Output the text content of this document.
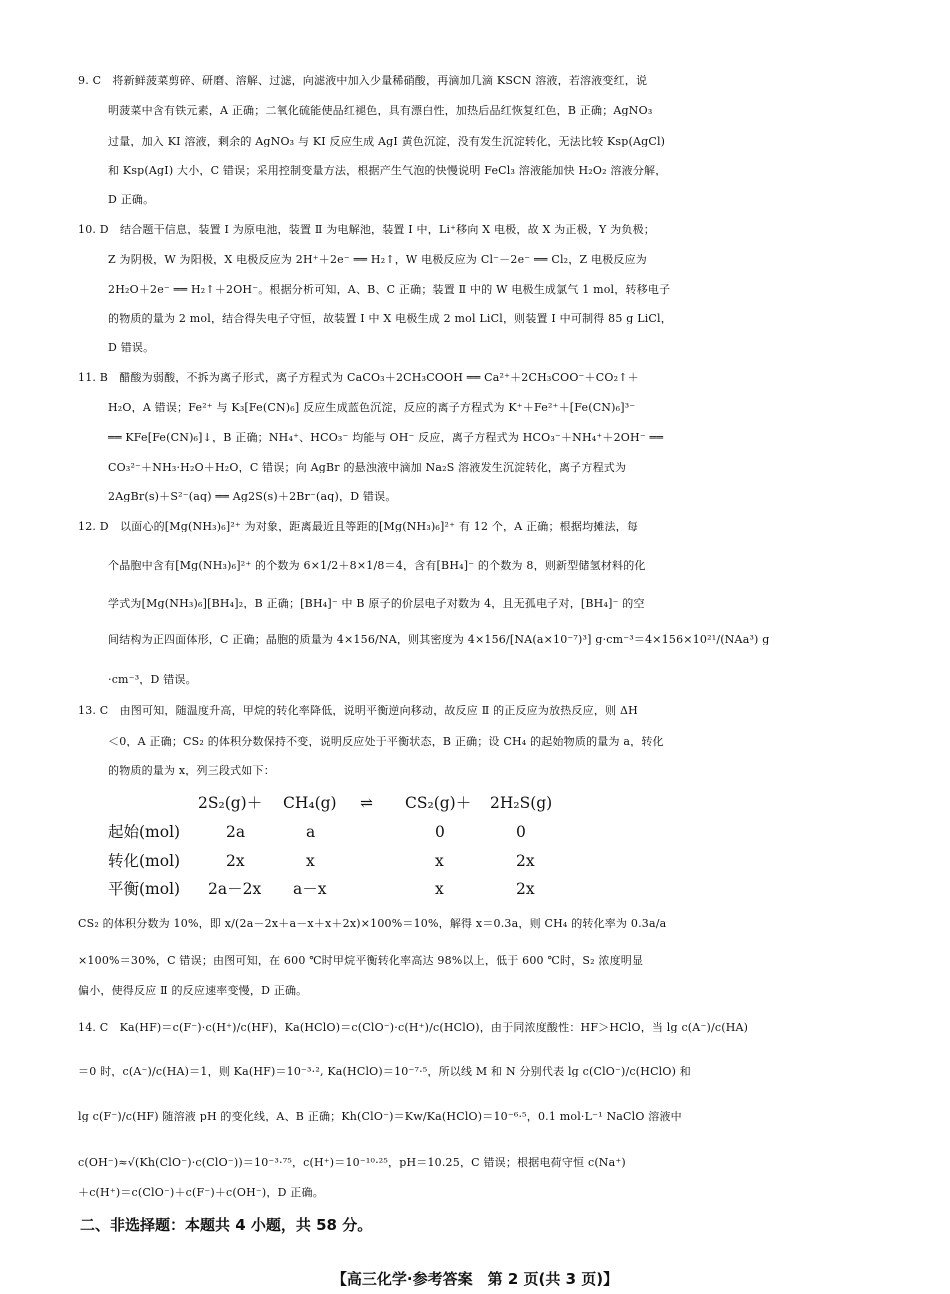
9. C　将新鲜菠菜剪碎、研磨、溶解、过滤，向滤液中加入少量稀硝酸，再滴加几滴 KSCN 溶液，若溶液变红，说
明菠菜中含有铁元素，A 正确；二氧化硫能使品红褪色，具有漂白性，加热后品红恢复红色，B 正确；AgNO₃
过量，加入 KI 溶液，剩余的 AgNO₃ 与 KI 反应生成 AgI 黄色沉淀，没有发生沉淀转化，无法比较 Ksp(AgCl)
和 Ksp(AgI) 大小，C 错误；采用控制变量方法，根据产生气泡的快慢说明 FeCl₃ 溶液能加快 H₂O₂ 溶液分解，
D 正确。
10. D　结合题干信息，装置 Ⅰ 为原电池，装置 Ⅱ 为电解池，装置 Ⅰ 中，Li⁺移向 X 电极，故 X 为正极，Y 为负极；
Z 为阴极，W 为阳极，X 电极反应为 2H⁺＋2e⁻ ══ H₂↑，W 电极反应为 Cl⁻－2e⁻ ══ Cl₂，Z 电极反应为
2H₂O＋2e⁻ ══ H₂↑＋2OH⁻。根据分析可知，A、B、C 正确；装置 Ⅱ 中的 W 电极生成氯气 1 mol，转移电子
的物质的量为 2 mol，结合得失电子守恒，故装置 Ⅰ 中 X 电极生成 2 mol LiCl，则装置 Ⅰ 中可制得 85 g LiCl，
D 错误。
11. B　醋酸为弱酸，不拆为离子形式，离子方程式为 CaCO₃＋2CH₃COOH ══ Ca²⁺＋2CH₃COO⁻＋CO₂↑＋
H₂O，A 错误；Fe²⁺ 与 K₃[Fe(CN)₆] 反应生成蓝色沉淀，反应的离子方程式为 K⁺＋Fe²⁺＋[Fe(CN)₆]³⁻
══ KFe[Fe(CN)₆]↓，B 正确；NH₄⁺、HCO₃⁻ 均能与 OH⁻ 反应，离子方程式为 HCO₃⁻＋NH₄⁺＋2OH⁻ ══
CO₃²⁻＋NH₃·H₂O＋H₂O，C 错误；向 AgBr 的悬浊液中滴加 Na₂S 溶液发生沉淀转化，离子方程式为
2AgBr(s)＋S²⁻(aq) ══ Ag2S(s)＋2Br⁻(aq)，D 错误。
12. D　以面心的[Mg(NH₃)₆]²⁺ 为对象，距离最近且等距的[Mg(NH₃)₆]²⁺ 有 12 个，A 正确；根据均摊法，每
个晶胞中含有[Mg(NH₃)₆]²⁺ 的个数为 6×1/2＋8×1/8＝4，含有[BH₄]⁻ 的个数为 8，则新型储氢材料的化
学式为[Mg(NH₃)₆][BH₄]₂，B 正确；[BH₄]⁻ 中 B 原子的价层电子对数为 4，且无孤电子对，[BH₄]⁻ 的空
间结构为正四面体形，C 正确；晶胞的质量为 4×156/NA，则其密度为 4×156/[NA(a×10⁻⁷)³] g·cm⁻³＝4×156×10²¹/(NAa³) g
·cm⁻³，D 错误。
13. C　由图可知，随温度升高，甲烷的转化率降低，说明平衡逆向移动，故反应 Ⅱ 的正反应为放热反应，则 ΔH
＜0，A 正确；CS₂ 的体积分数保持不变，说明反应处于平衡状态，B 正确；设 CH₄ 的起始物质的量为 a，转化
的物质的量为 x，列三段式如下：
2S₂(g)＋ CH₄(g) ⇌ CS₂(g)＋ 2H₂S(g)
起始(mol)	2a	a	0	0
转化(mol)	2x	x	x	2x
平衡(mol) 2a－2x a－x	x	2x
CS₂ 的体积分数为 10%，即 x/(2a－2x＋a－x＋x＋2x)×100%＝10%，解得 x＝0.3a，则 CH₄ 的转化率为 0.3a/a
×100%＝30%，C 错误；由图可知，在 600 ℃时甲烷平衡转化率高达 98%以上，低于 600 ℃时，S₂ 浓度明显
偏小，使得反应 Ⅱ 的反应速率变慢，D 正确。
14. C　Ka(HF)＝c(F⁻)·c(H⁺)/c(HF)，Ka(HClO)＝c(ClO⁻)·c(H⁺)/c(HClO)，由于同浓度酸性：HF＞HClO，当 lg c(A⁻)/c(HA)
＝0 时，c(A⁻)/c(HA)＝1，则 Ka(HF)＝10⁻³·², Ka(HClO)＝10⁻⁷·⁵，所以线 M 和 N 分别代表 lg c(ClO⁻)/c(HClO) 和
lg c(F⁻)/c(HF) 随溶液 pH 的变化线，A、B 正确；Kh(ClO⁻)＝Kw/Ka(HClO)＝10⁻⁶·⁵，0.1 mol·L⁻¹ NaClO 溶液中
c(OH⁻)≈√(Kh(ClO⁻)·c(ClO⁻))＝10⁻³·⁷⁵，c(H⁺)＝10⁻¹⁰·²⁵，pH＝10.25，C 错误；根据电荷守恒 c(Na⁺)
＋c(H⁺)＝c(ClO⁻)＋c(F⁻)＋c(OH⁻)，D 正确。
二、非选择题：本题共 4 小题，共 58 分。
【高三化学·参考答案　第 2 页(共 3 页)】
